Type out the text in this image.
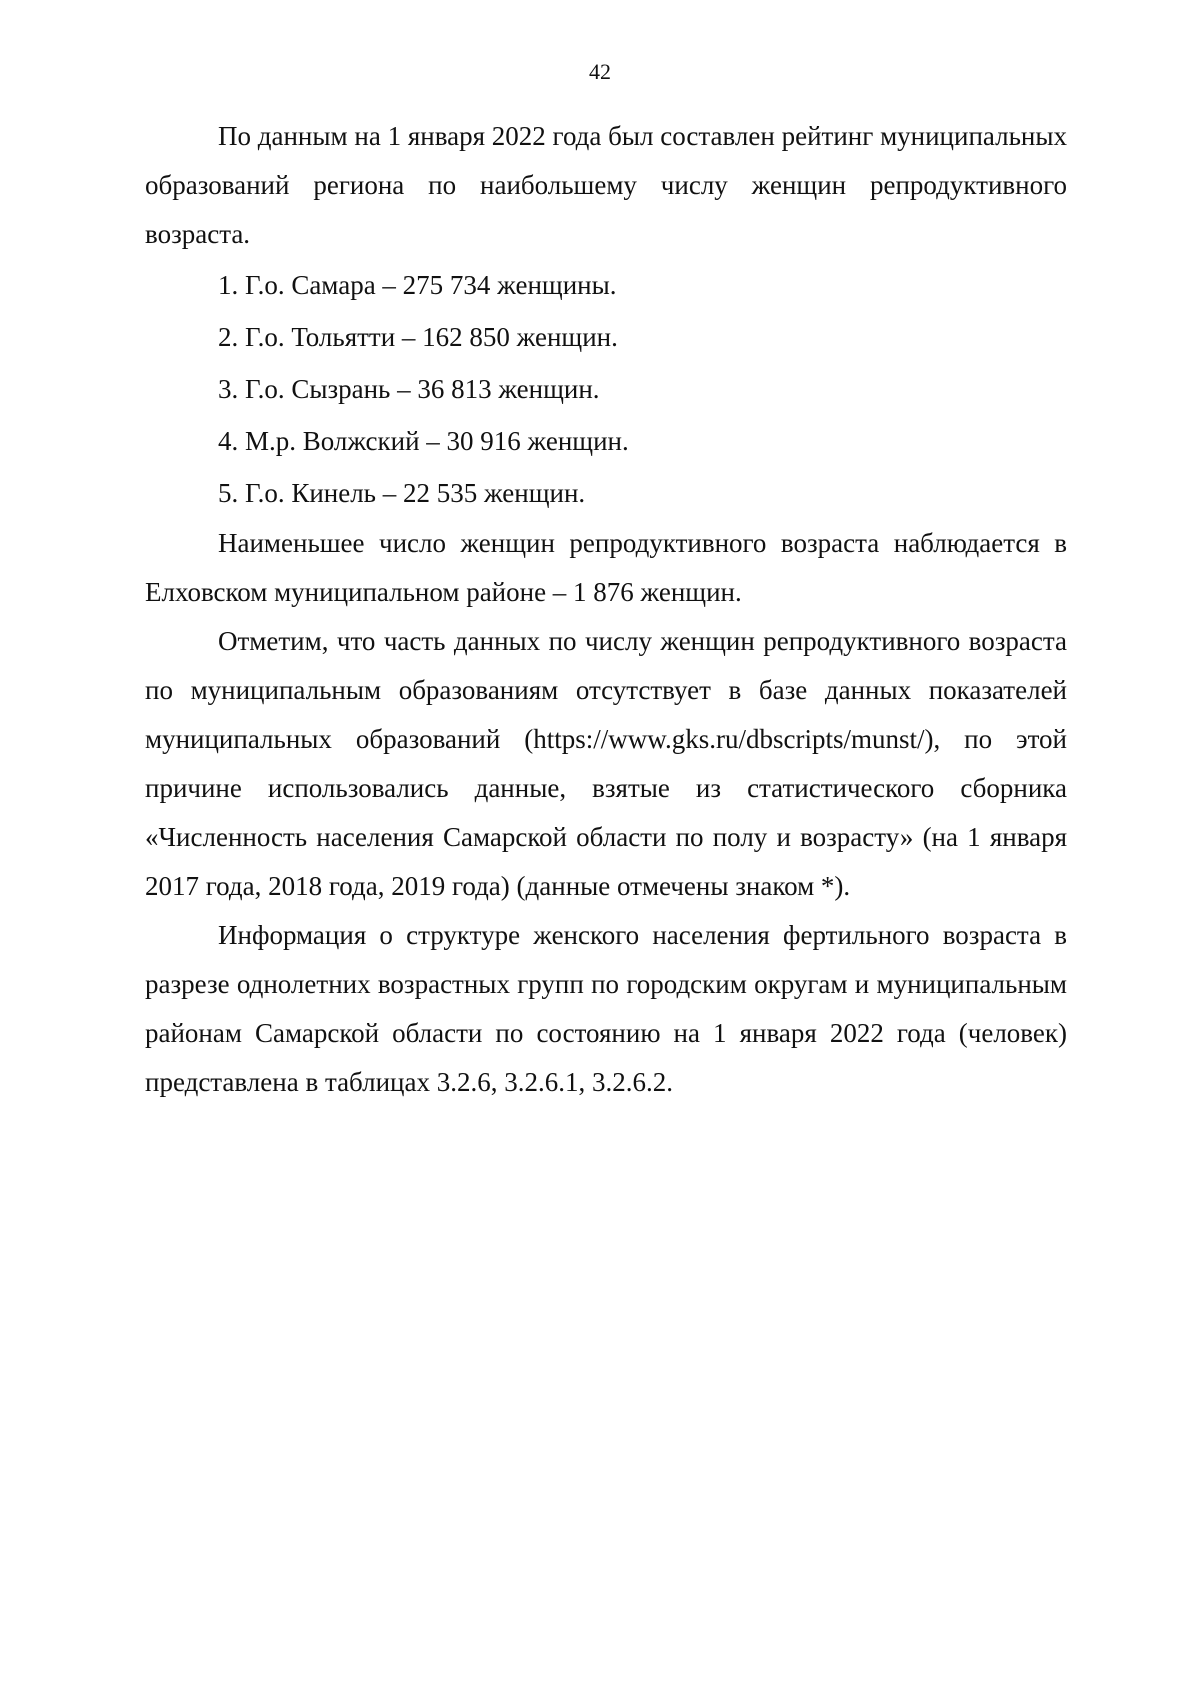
42

По данным на 1 января 2022 года был составлен рейтинг муниципальных образований региона по наибольшему числу женщин репродуктивного возраста.

1. Г.о. Самара – 275 734 женщины.
2. Г.о. Тольятти – 162 850 женщин.
3. Г.о. Сызрань – 36 813 женщин.
4. М.р. Волжский – 30 916 женщин.
5. Г.о. Кинель – 22 535 женщин.

Наименьшее число женщин репродуктивного возраста наблюдается в Елховском муниципальном районе – 1 876 женщин.

Отметим, что часть данных по числу женщин репродуктивного возраста по муниципальным образованиям отсутствует в базе данных показателей муниципальных образований (https://www.gks.ru/dbscripts/munst/), по этой причине использовались данные, взятые из статистического сборника «Численность населения Самарской области по полу и возрасту» (на 1 января 2017 года, 2018 года, 2019 года) (данные отмечены знаком *).

Информация о структуре женского населения фертильного возраста в разрезе однолетних возрастных групп по городским округам и муниципальным районам Самарской области по состоянию на 1 января 2022 года (человек) представлена в таблицах 3.2.6, 3.2.6.1, 3.2.6.2.
